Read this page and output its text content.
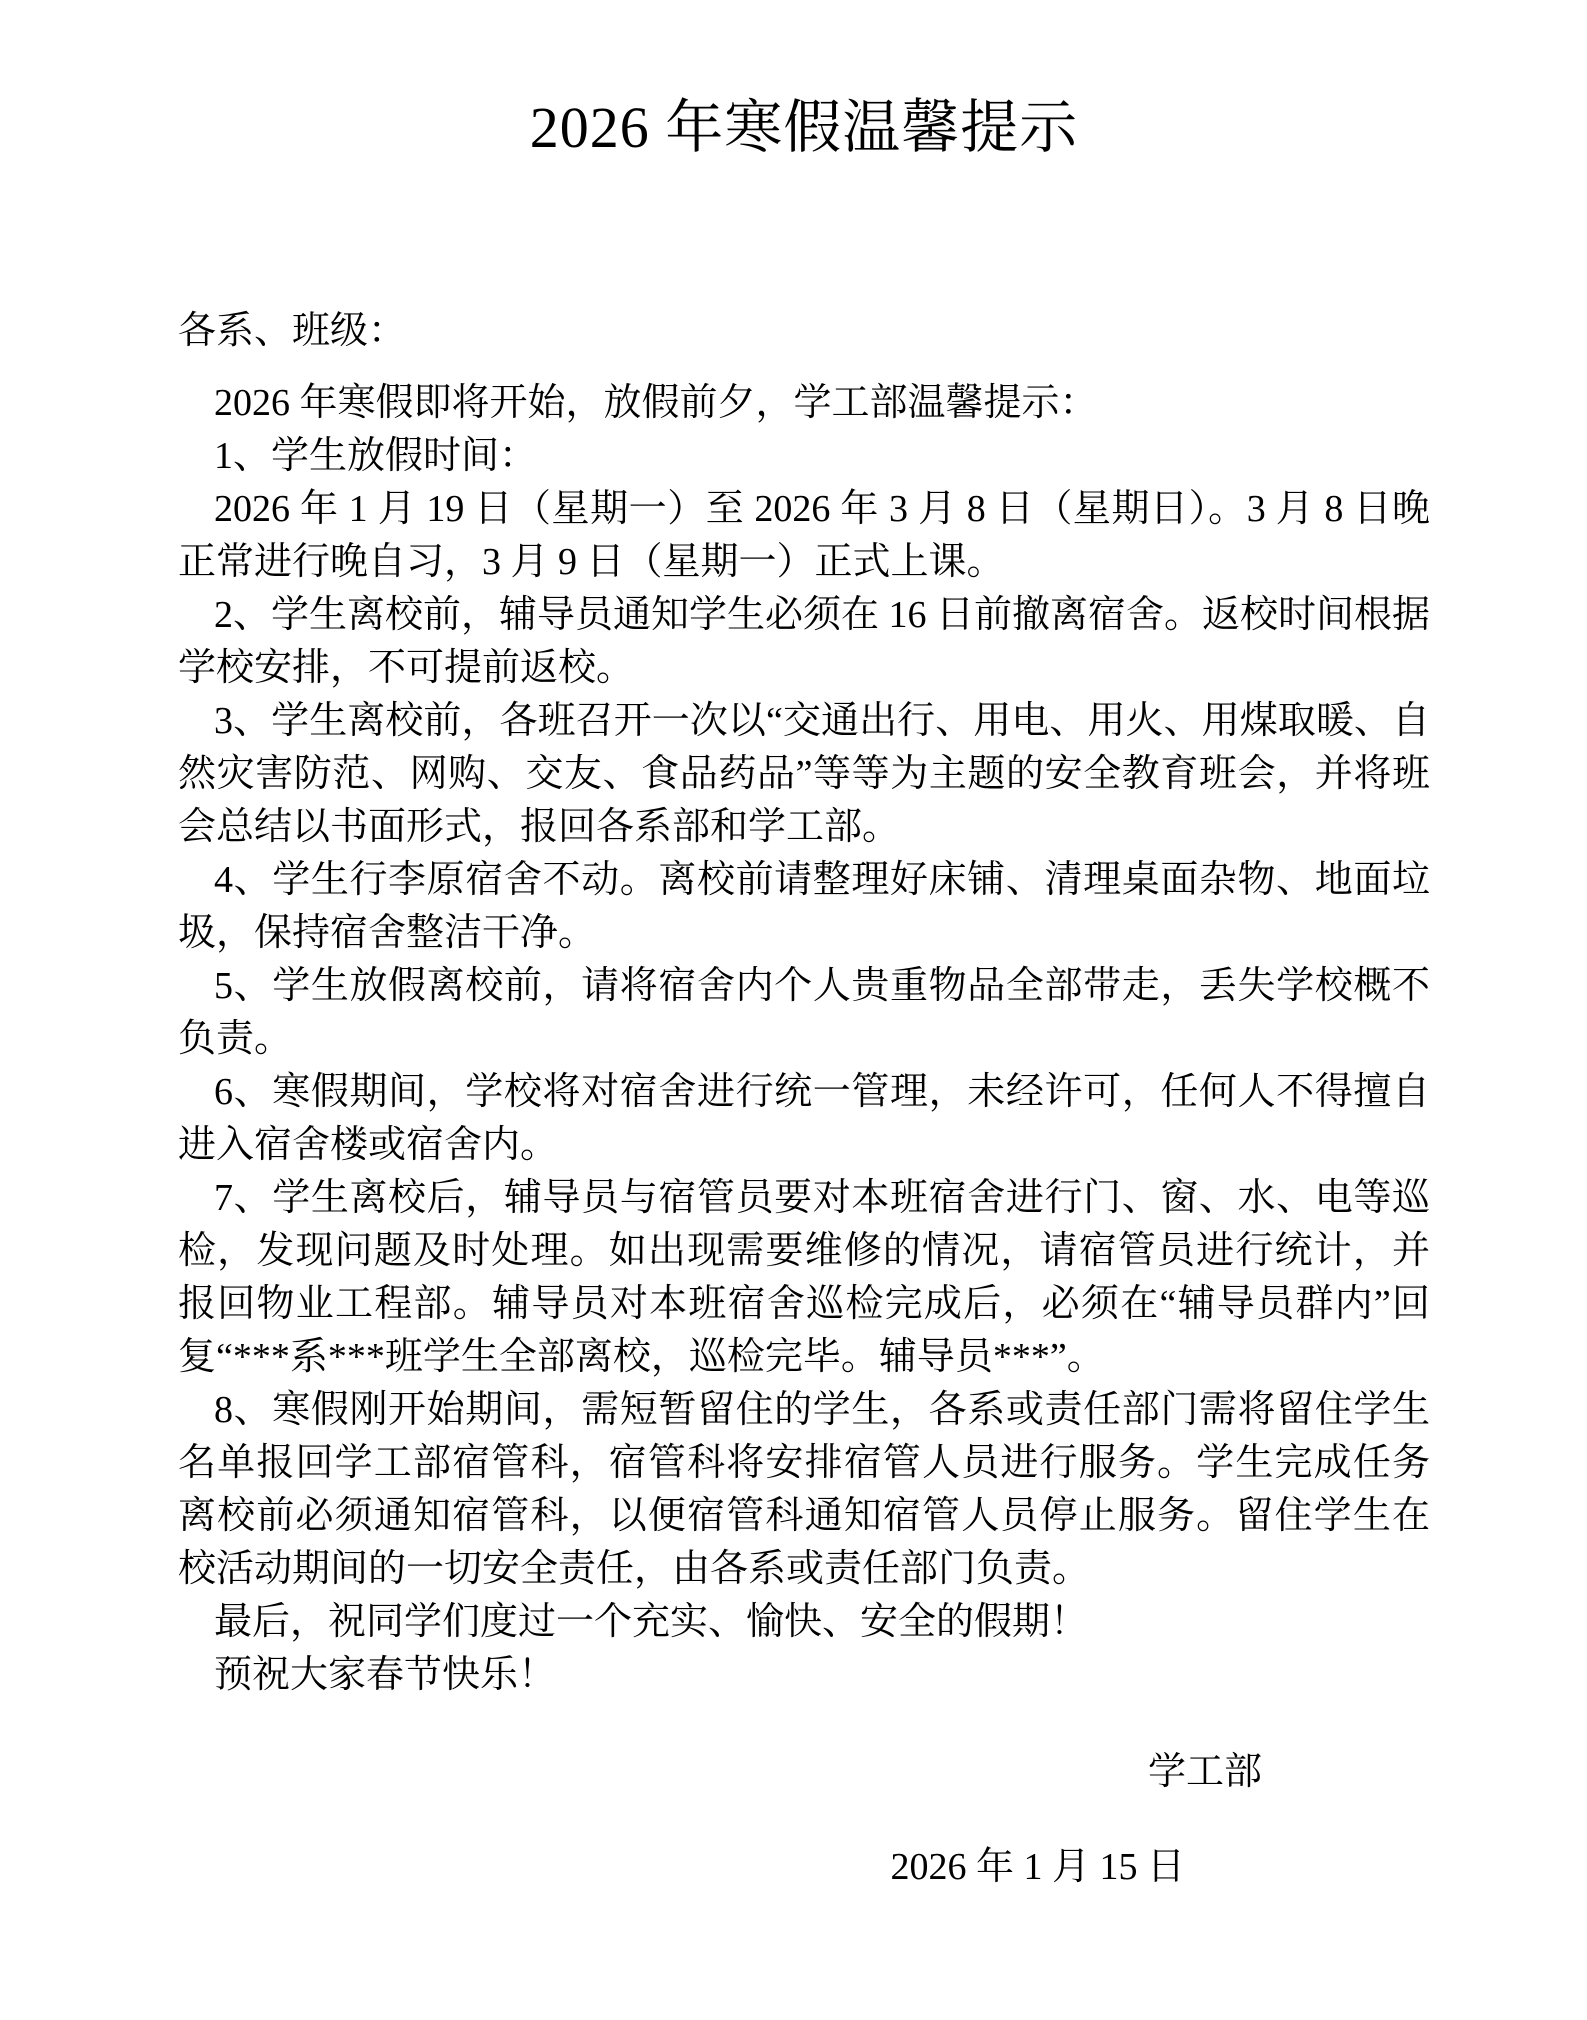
2026 年寒假温馨提示

各系、班级：

2026 年寒假即将开始，放假前夕，学工部温馨提示：

1、学生放假时间：

2026 年 1 月 19 日（星期一）至 2026 年 3 月 8 日（星期日）。3 月 8 日晚正常进行晚自习，3 月 9 日（星期一）正式上课。

2、学生离校前，辅导员通知学生必须在 16 日前撤离宿舍。返校时间根据学校安排，不可提前返校。

3、学生离校前，各班召开一次以“交通出行、用电、用火、用煤取暖、自然灾害防范、网购、交友、食品药品”等等为主题的安全教育班会，并将班会总结以书面形式，报回各系部和学工部。

4、学生行李原宿舍不动。离校前请整理好床铺、清理桌面杂物、地面垃圾，保持宿舍整洁干净。

5、学生放假离校前，请将宿舍内个人贵重物品全部带走，丢失学校概不负责。

6、寒假期间，学校将对宿舍进行统一管理，未经许可，任何人不得擅自进入宿舍楼或宿舍内。

7、学生离校后，辅导员与宿管员要对本班宿舍进行门、窗、水、电等巡检，发现问题及时处理。如出现需要维修的情况，请宿管员进行统计，并报回物业工程部。辅导员对本班宿舍巡检完成后，必须在“辅导员群内”回复“***系***班学生全部离校，巡检完毕。辅导员***”。

8、寒假刚开始期间，需短暂留住的学生，各系或责任部门需将留住学生名单报回学工部宿管科，宿管科将安排宿管人员进行服务。学生完成任务离校前必须通知宿管科，以便宿管科通知宿管人员停止服务。留住学生在校活动期间的一切安全责任，由各系或责任部门负责。

最后，祝同学们度过一个充实、愉快、安全的假期！

预祝大家春节快乐！

学工部

2026 年 1 月 15 日
